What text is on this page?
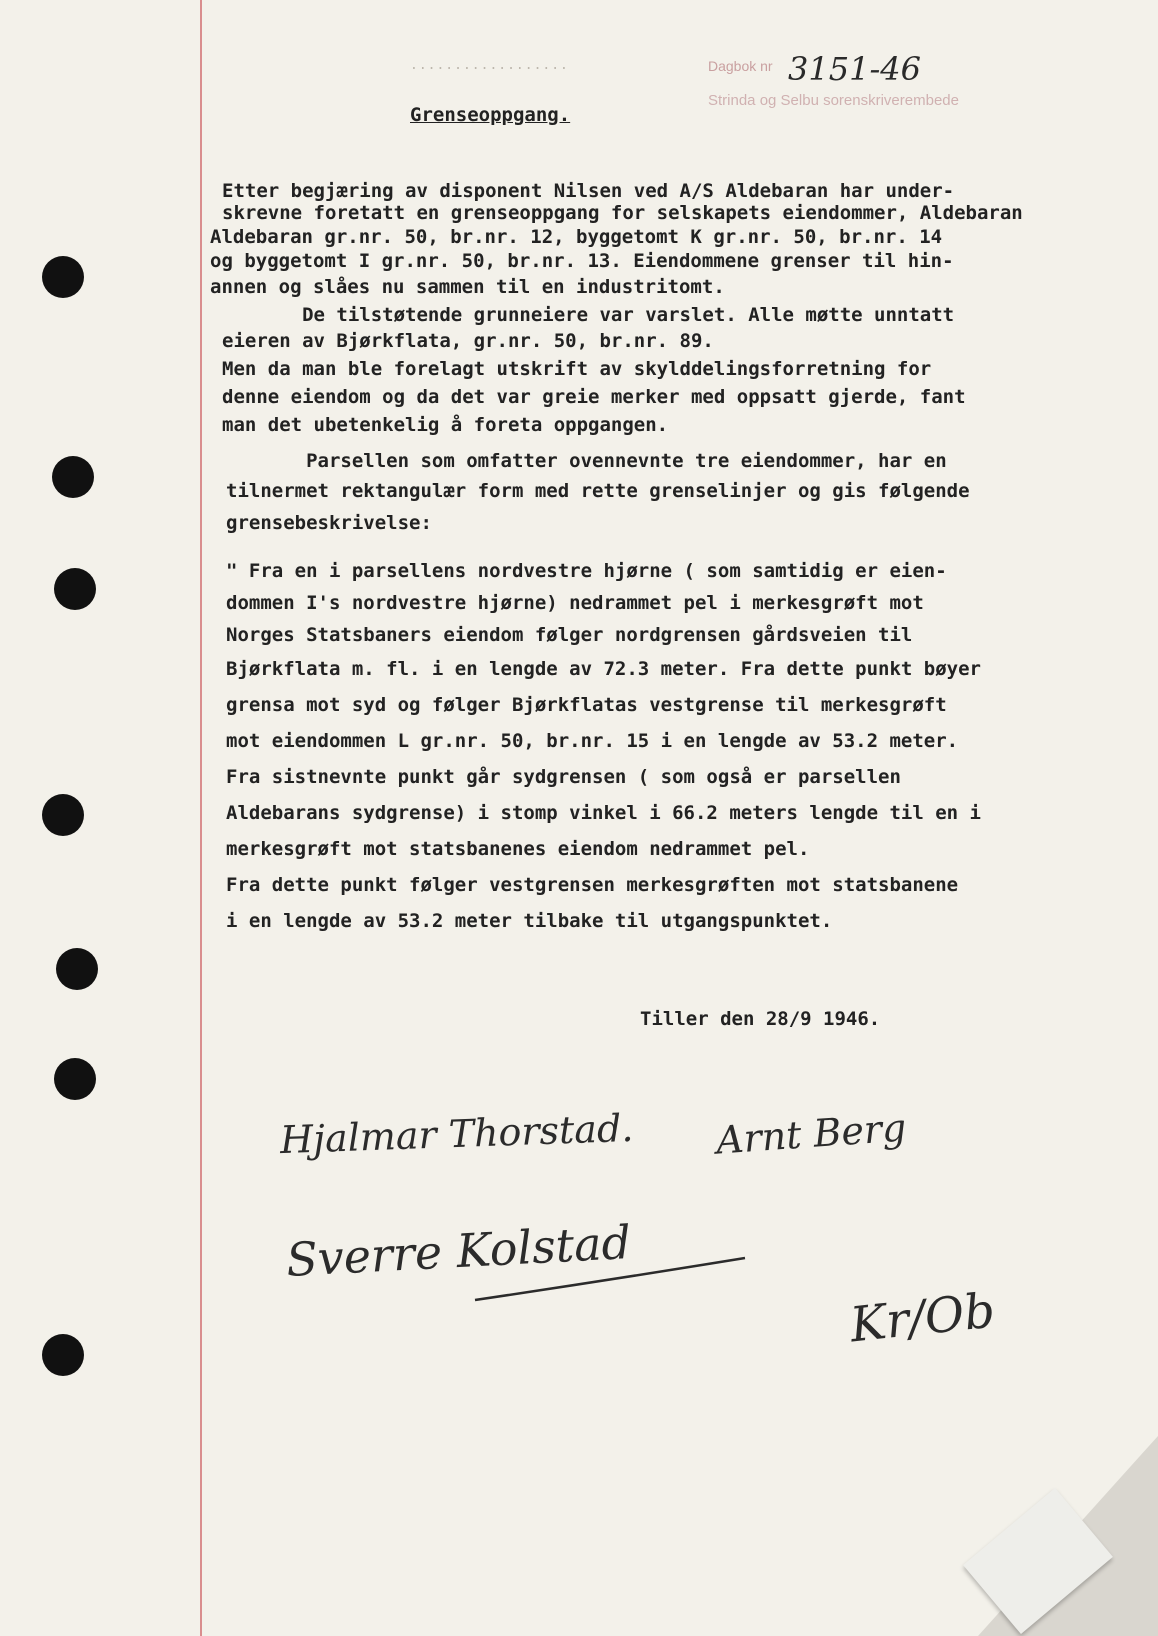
Dagbok nr 3151-46
Strinda og Selbu sorenskriverembede
..................
Grenseoppgang.
Etter begjæring av disponent Nilsen ved A/S Aldebaran har under-
skrevne foretatt en grenseoppgang for selskapets eiendommer, Aldebaran
Aldebaran gr.nr. 50, br.nr. 12, byggetomt K gr.nr. 50, br.nr. 14
og byggetomt I gr.nr. 50, br.nr. 13. Eiendommene grenser til hin-
annen og slåes nu sammen til en industritomt.
De tilstøtende grunneiere var varslet. Alle møtte unntatt
eieren av Bjørkflata, gr.nr. 50, br.nr. 89.
Men da man ble forelagt utskrift av skylddelingsforretning for
denne eiendom og da det var greie merker med oppsatt gjerde, fant
man det ubetenkelig å foreta oppgangen.
Parsellen som omfatter ovennevnte tre eiendommer, har en
tilnermet rektangulær form med rette grenselinjer og gis følgende
grensebeskrivelse:
" Fra en i parsellens nordvestre hjørne ( som samtidig er eien-
dommen I's nordvestre hjørne) nedrammet pel i merkesgrøft mot
Norges Statsbaners eiendom følger nordgrensen gårdsveien til
Bjørkflata m. fl. i en lengde av 72.3 meter. Fra dette punkt bøyer
grensa mot syd og følger Bjørkflatas vestgrense til merkesgrøft
mot eiendommen L gr.nr. 50, br.nr. 15 i en lengde av 53.2 meter.
Fra sistnevnte punkt går sydgrensen ( som også er parsellen
Aldebarans sydgrense) i stomp vinkel i 66.2 meters lengde til en i
merkesgrøft mot statsbanenes eiendom nedrammet pel.
Fra dette punkt følger vestgrensen merkesgrøften mot statsbanene
i en lengde av 53.2 meter tilbake til utgangspunktet.
Tiller den 28/9 1946.
Hjalmar Thorstad. Arnt Berg
Sverre Kolstad
Kr/Ob
